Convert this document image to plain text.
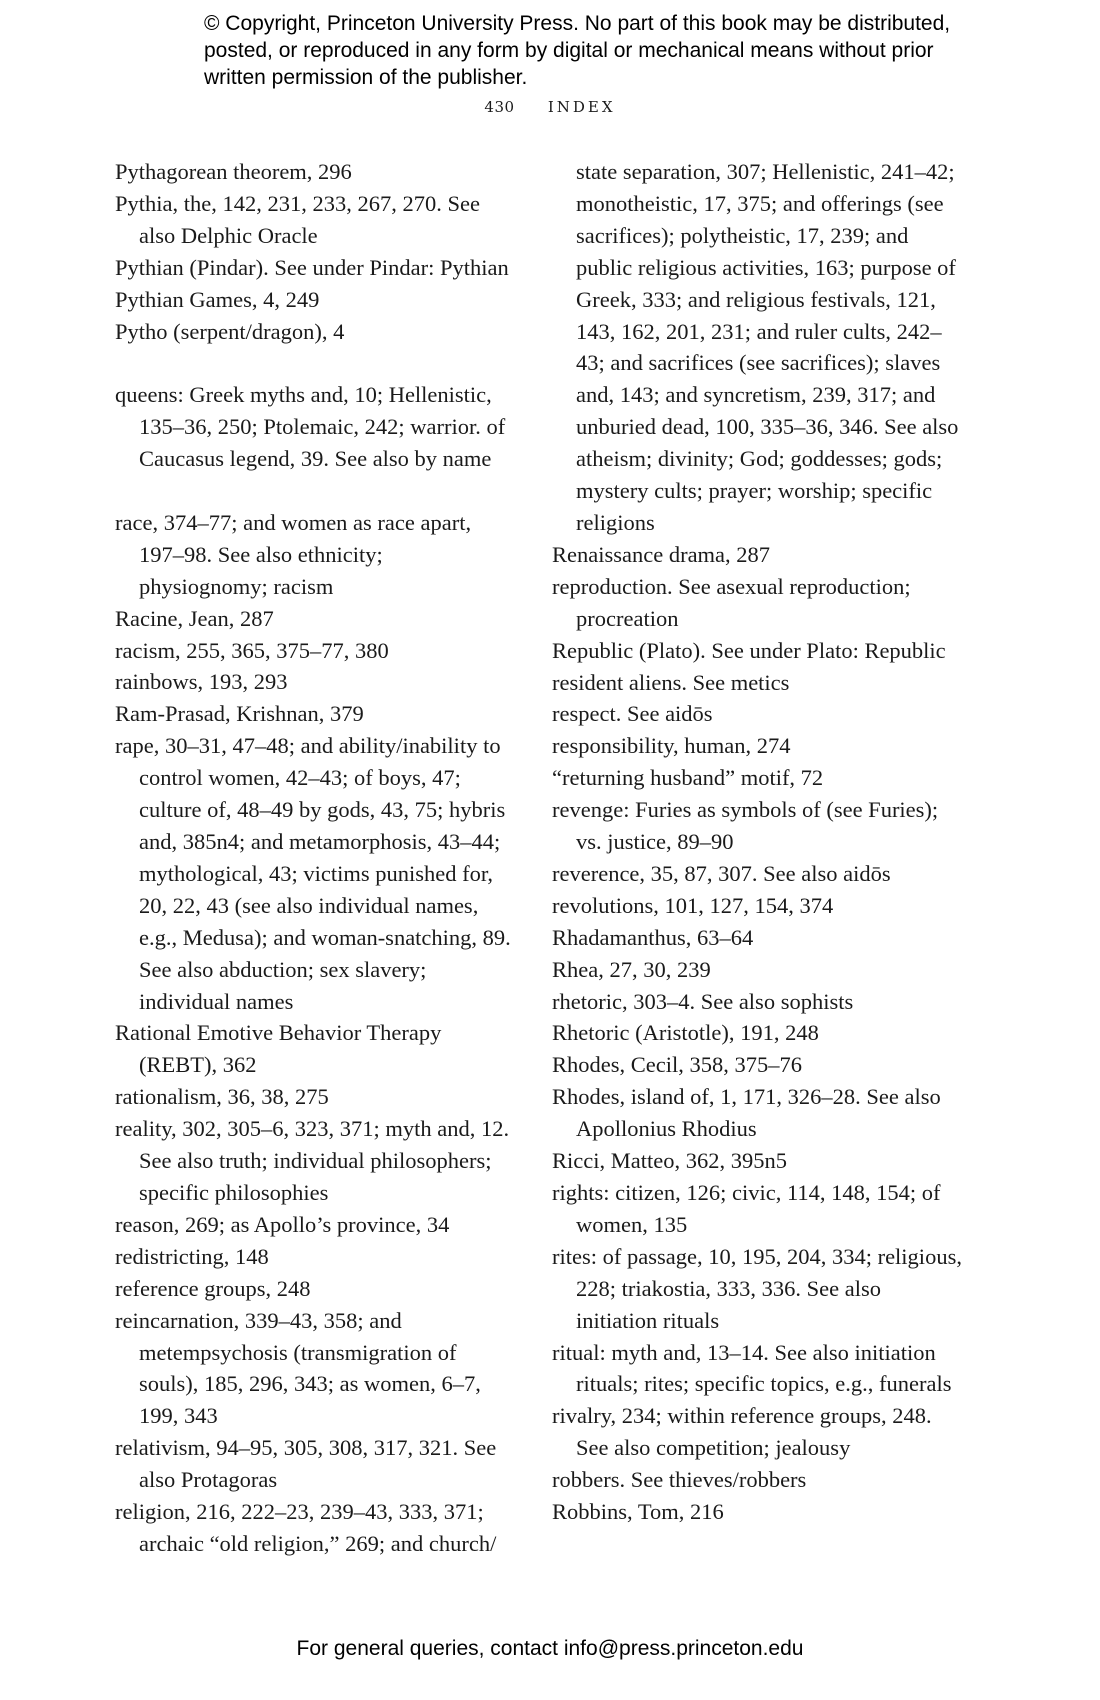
© Copyright, Princeton University Press. No part of this book may be distributed, posted, or reproduced in any form by digital or mechanical means without prior written permission of the publisher.
430 INDEX
Pythagorean theorem, 296
Pythia, the, 142, 231, 233, 267, 270. See also Delphic Oracle
Pythian (Pindar). See under Pindar: Pythian
Pythian Games, 4, 249
Pytho (serpent/dragon), 4
queens: Greek myths and, 10; Hellenistic, 135–36, 250; Ptolemaic, 242; warrior. of Caucasus legend, 39. See also by name
race, 374–77; and women as race apart, 197–98. See also ethnicity; physiognomy; racism
Racine, Jean, 287
racism, 255, 365, 375–77, 380
rainbows, 193, 293
Ram-Prasad, Krishnan, 379
rape, 30–31, 47–48; and ability/inability to control women, 42–43; of boys, 47; culture of, 48–49 by gods, 43, 75; hybris and, 385n4; and metamorphosis, 43–44; mythological, 43; victims punished for, 20, 22, 43 (see also individual names, e.g., Medusa); and woman-snatching, 89. See also abduction; sex slavery; individual names
Rational Emotive Behavior Therapy (REBT), 362
rationalism, 36, 38, 275
reality, 302, 305–6, 323, 371; myth and, 12. See also truth; individual philosophers; specific philosophies
reason, 269; as Apollo’s province, 34
redistricting, 148
reference groups, 248
reincarnation, 339–43, 358; and metempsychosis (transmigration of souls), 185, 296, 343; as women, 6–7, 199, 343
relativism, 94–95, 305, 308, 317, 321. See also Protagoras
religion, 216, 222–23, 239–43, 333, 371; archaic “old religion,” 269; and church/
state separation, 307; Hellenistic, 241–42; monotheistic, 17, 375; and offerings (see sacrifices); polytheistic, 17, 239; and public religious activities, 163; purpose of Greek, 333; and religious festivals, 121, 143, 162, 201, 231; and ruler cults, 242–43; and sacrifices (see sacrifices); slaves and, 143; and syncretism, 239, 317; and unburied dead, 100, 335–36, 346. See also atheism; divinity; God; goddesses; gods; mystery cults; prayer; worship; specific religions
Renaissance drama, 287
reproduction. See asexual reproduction; procreation
Republic (Plato). See under Plato: Republic
resident aliens. See metics
respect. See aidōs
responsibility, human, 274
“returning husband” motif, 72
revenge: Furies as symbols of (see Furies); vs. justice, 89–90
reverence, 35, 87, 307. See also aidōs
revolutions, 101, 127, 154, 374
Rhadamanthus, 63–64
Rhea, 27, 30, 239
rhetoric, 303–4. See also sophists
Rhetoric (Aristotle), 191, 248
Rhodes, Cecil, 358, 375–76
Rhodes, island of, 1, 171, 326–28. See also Apollonius Rhodius
Ricci, Matteo, 362, 395n5
rights: citizen, 126; civic, 114, 148, 154; of women, 135
rites: of passage, 10, 195, 204, 334; religious, 228; triakostia, 333, 336. See also initiation rituals
ritual: myth and, 13–14. See also initiation rituals; rites; specific topics, e.g., funerals
rivalry, 234; within reference groups, 248. See also competition; jealousy
robbers. See thieves/robbers
Robbins, Tom, 216
For general queries, contact info@press.princeton.edu
